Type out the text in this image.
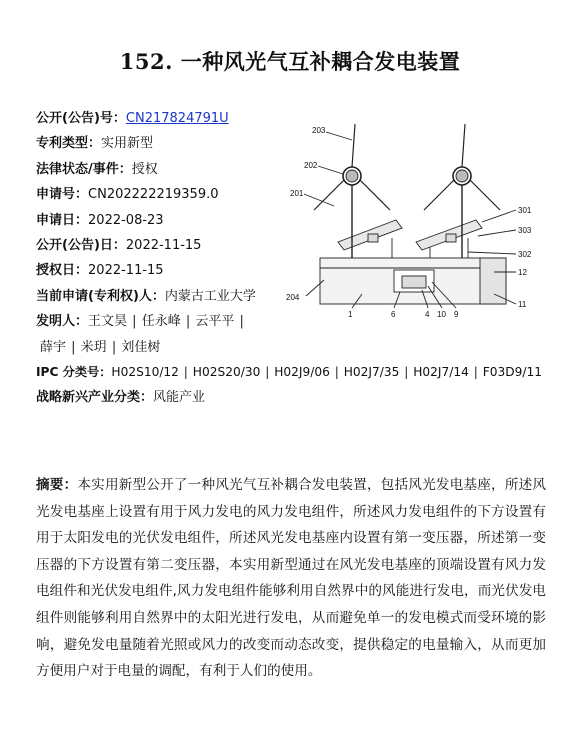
152. 一种风光气互补耦合发电装置
公开(公告)号：CN217824791U
专利类型：实用新型
法律状态/事件：授权
申请号：CN202222219359.0
申请日：2022-08-23
公开(公告)日：2022-11-15
授权日：2022-11-15
当前申请(专利权)人：内蒙古工业大学
发明人：王文昊 | 任永峰 | 云平平 |
薛宇 | 米玥 | 刘佳树
IPC 分类号：H02S10/12 | H02S20/30 | H02J9/06 | H02J7/35 | H02J7/14 | F03D9/11
战略新兴产业分类：风能产业
203
202
201
204
301
303
302
12
11
1	6	4 10 9
摘要：本实用新型公开了一种风光气互补耦合发电装置，包括风光发电基座，所述风光发电基座上设置有用于风力发电的风力发电组件，所述风力发电组件的下方设置有用于太阳发电的光伏发电组件，所述风光发电基座内设置有第一变压器，所述第一变压器的下方设置有第二变压器，本实用新型通过在风光发电基座的顶端设置有风力发电组件和光伏发电组件,风力发电组件能够利用自然界中的风能进行发电，而光伏发电组件则能够利用自然界中的太阳光进行发电，从而避免单一的发电模式而受环境的影响，避免发电量随着光照或风力的改变而动态改变，提供稳定的电量输入，从而更加方便用户对于电量的调配，有利于人们的使用。
